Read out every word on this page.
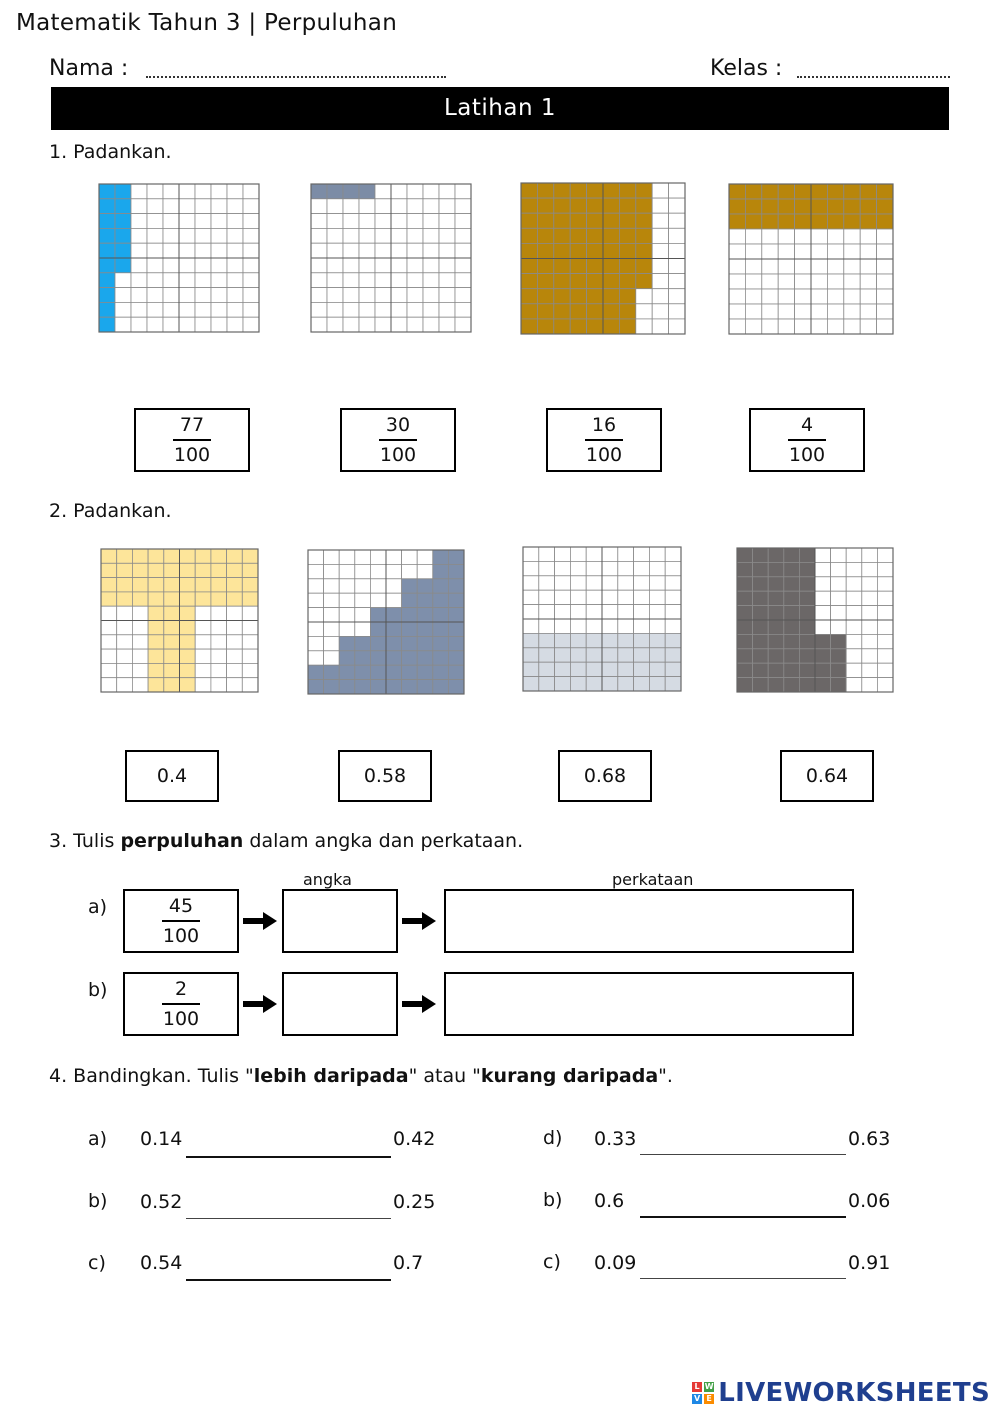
Matematik Tahun 3 | Perpuluhan
Nama :	Kelas :
Latihan 1
1. Padankan.
77
100
30
100
16
100
4
100
2. Padankan.
0.4	0.58	0.68	0.64
3. Tulis perpuluhan dalam angka dan perkataan.
angka	perkataan
a)	45
100
b)	2
100
4. Bandingkan. Tulis "lebih daripada" atau "kurang daripada".
a) 0.14	0.42
b) 0.52	0.25
c) 0.54	0.7
d) 0.33	0.63
b) 0.6	0.06
c) 0.09	0.91
L W
V E LIVEWORKSHEETS
